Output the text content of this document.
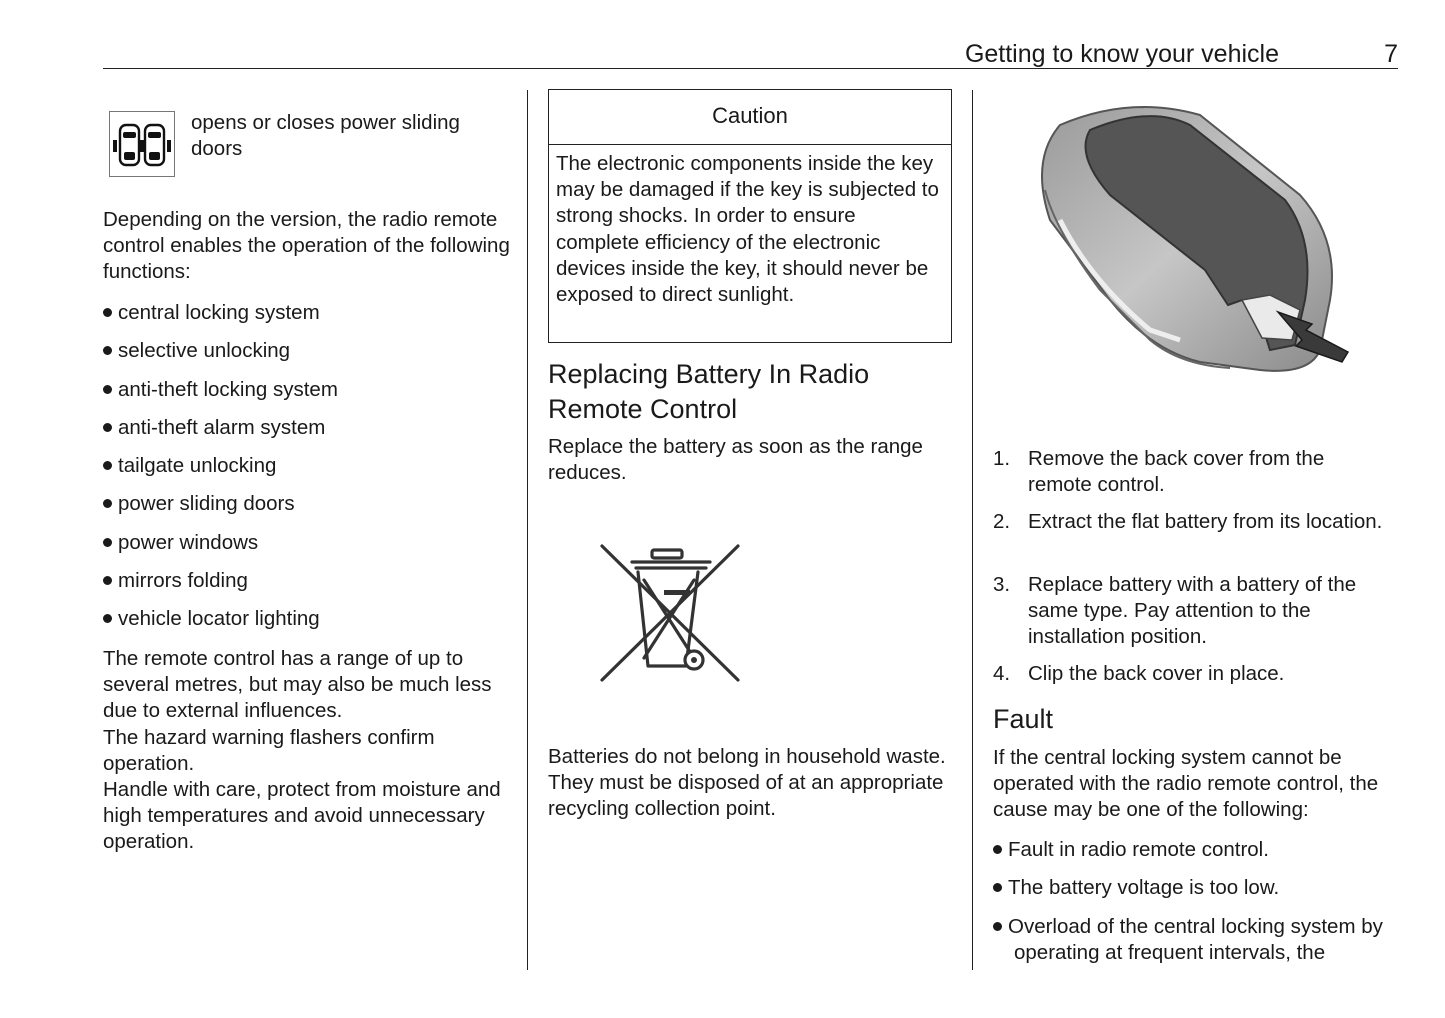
Getting to know your vehicle	7

opens or closes power sliding doors

Depending on the version, the radio remote control enables the operation of the following functions:

central locking system
selective unlocking
anti-theft locking system
anti-theft alarm system
tailgate unlocking
power sliding doors
power windows
mirrors folding
vehicle locator lighting

The remote control has a range of up to several metres, but may also be much less due to external influences.

The hazard warning flashers confirm operation.

Handle with care, protect from moisture and high temperatures and avoid unnecessary operation.

Caution

The electronic components inside the key may be damaged if the key is subjected to strong shocks. In order to ensure complete efficiency of the electronic devices inside the key, it should never be exposed to direct sunlight.

Replacing Battery In Radio Remote Control

Replace the battery as soon as the range reduces.

Batteries do not belong in household waste. They must be disposed of at an appropriate recycling collection point.

1. Remove the back cover from the remote control.
2. Extract the flat battery from its location.
3. Replace battery with a battery of the same type. Pay attention to the installation position.
4. Clip the back cover in place.
Fault

If the central locking system cannot be operated with the radio remote control, the cause may be one of the following:

Fault in radio remote control.
The battery voltage is too low.
Overload of the central locking system by operating at frequent intervals, the
